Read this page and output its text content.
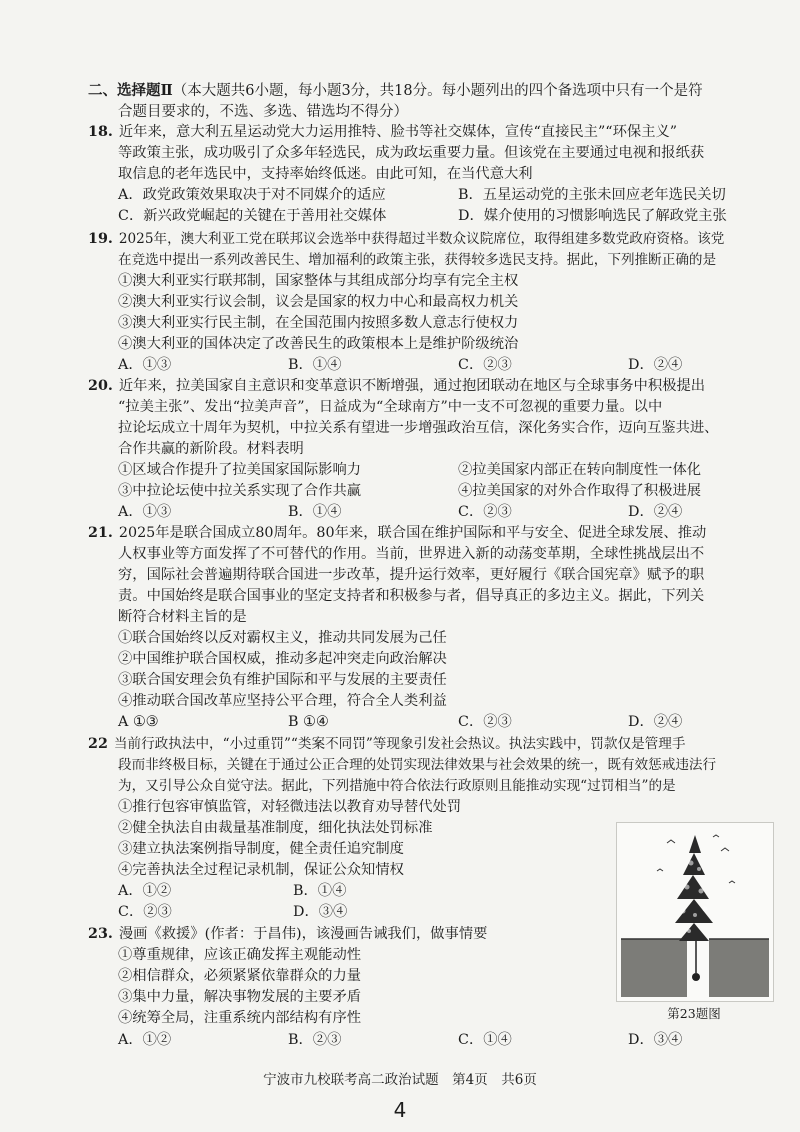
二、选择题Ⅱ（本大题共6小题，每小题3分，共18分。每小题列出的四个备选项中只有一个是符
合题目要求的，不选、多选、错选均不得分）
18. 近年来，意大利五星运动党大力运用推特、脸书等社交媒体，宣传“直接民主”“环保主义”
等政策主张，成功吸引了众多年轻选民，成为政坛重要力量。但该党在主要通过电视和报纸获
取信息的老年选民中，支持率始终低迷。由此可知，在当代意大利
A．政党政策效果取决于对不同媒介的适应	B．五星运动党的主张未回应老年选民关切
C．新兴政党崛起的关键在于善用社交媒体	D．媒介使用的习惯影响选民了解政党主张
19. 2025年，澳大利亚工党在联邦议会选举中获得超过半数众议院席位，取得组建多数党政府资格。该党
在竞选中提出一系列改善民生、增加福利的政策主张，获得较多选民支持。据此，下列推断正确的是
①澳大利亚实行联邦制，国家整体与其组成部分均享有完全主权
②澳大利亚实行议会制，议会是国家的权力中心和最高权力机关
③澳大利亚实行民主制，在全国范围内按照多数人意志行使权力
④澳大利亚的国体决定了改善民生的政策根本上是维护阶级统治
A．①③	B．①④	C．②③	D．②④
20. 近年来，拉美国家自主意识和变革意识不断增强，通过抱团联动在地区与全球事务中积极提出
“拉美主张”、发出“拉美声音”，日益成为“全球南方”中一支不可忽视的重要力量。以中
拉论坛成立十周年为契机，中拉关系有望进一步增强政治互信，深化务实合作，迈向互鉴共进、
合作共赢的新阶段。材料表明
①区域合作提升了拉美国家国际影响力	②拉美国家内部正在转向制度性一体化
③中拉论坛使中拉关系实现了合作共赢	④拉美国家的对外合作取得了积极进展
A．①③	B．①④	C．②③	D．②④
21. 2025年是联合国成立80周年。80年来，联合国在维护国际和平与安全、促进全球发展、推动
人权事业等方面发挥了不可替代的作用。当前，世界进入新的动荡变革期，全球性挑战层出不
穷，国际社会普遍期待联合国进一步改革，提升运行效率，更好履行《联合国宪章》赋予的职
责。中国始终是联合国事业的坚定支持者和积极参与者，倡导真正的多边主义。据此，下列关
断符合材料主旨的是
①联合国始终以反对霸权主义，推动共同发展为己任
②中国维护联合国权威，推动多起冲突走向政治解决
③联合国安理会负有维护国际和平与发展的主要责任
④推动联合国改革应坚持公平合理，符合全人类利益
A ①③	B ①④	C．②③	D．②④
22 当前行政执法中，“小过重罚”“类案不同罚”等现象引发社会热议。执法实践中，罚款仅是管理手
段而非终极目标，关键在于通过公正合理的处罚实现法律效果与社会效果的统一，既有效惩戒违法行
为，又引导公众自觉守法。据此，下列措施中符合依法行政原则且能推动实现“过罚相当”的是
①推行包容审慎监管，对轻微违法以教育劝导替代处罚
②健全执法自由裁量基准制度，细化执法处罚标准
③建立执法案例指导制度，健全责任追究制度
④完善执法全过程记录机制，保证公众知情权
A．①②	B．①④
C．②③	D．③④
23. 漫画《救援》(作者：于昌伟)，该漫画告诫我们，做事情要
①尊重规律，应该正确发挥主观能动性
②相信群众，必须紧紧依靠群众的力量
③集中力量，解决事物发展的主要矛盾
④统筹全局，注重系统内部结构有序性
A．①②	B．②③	C．①④	D．③④
第23题图
宁波市九校联考高二政治试题　第4页　共6页
4
